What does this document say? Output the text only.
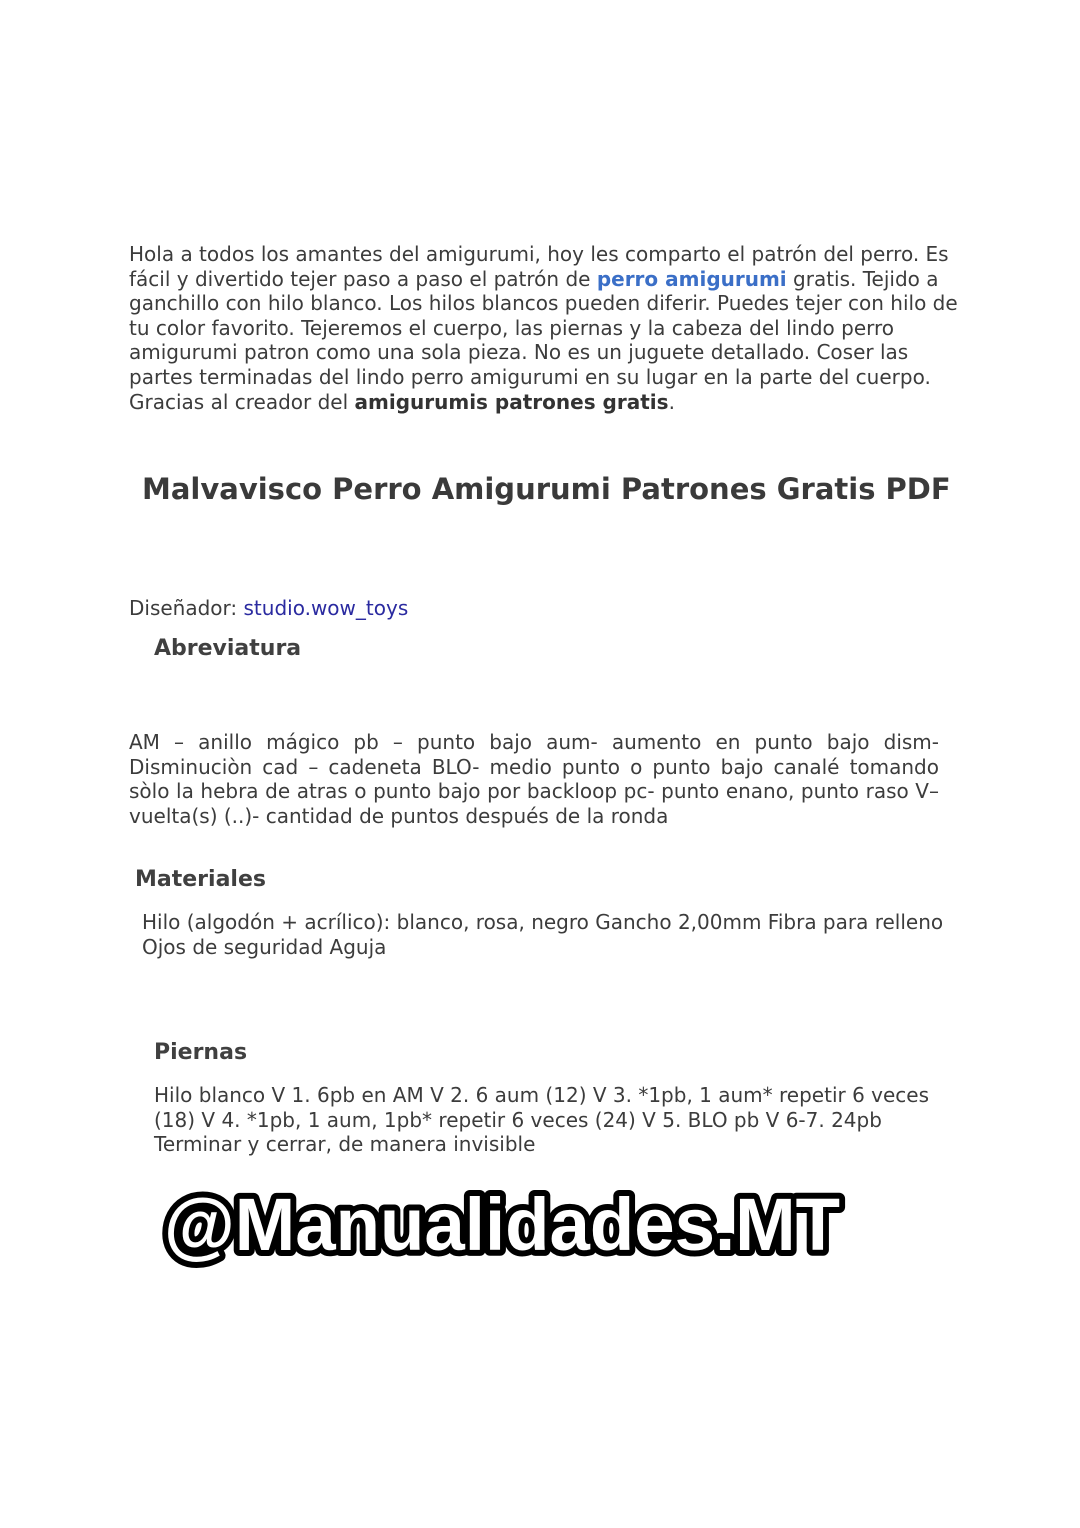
Hola a todos los amantes del amigurumi, hoy les comparto el patrón del perro. Es fácil y divertido tejer paso a paso el patrón de perro amigurumi gratis. Tejido a ganchillo con hilo blanco. Los hilos blancos pueden diferir. Puedes tejer con hilo de tu color favorito. Tejeremos el cuerpo, las piernas y la cabeza del lindo perro amigurumi patron como una sola pieza. No es un juguete detallado. Coser las partes terminadas del lindo perro amigurumi en su lugar en la parte del cuerpo. Gracias al creador del amigurumis patrones gratis.

Malvavisco Perro Amigurumi Patrones Gratis PDF

Diseñador: studio.wow_toys

Abreviatura

AM – anillo mágico pb – punto bajo aum- aumento en punto bajo dism- Disminuciòn cad – cadeneta BLO- medio punto o punto bajo canalé tomando sòlo la hebra de atras o punto bajo por backloop pc- punto enano, punto raso V– vuelta(s) (..)- cantidad de puntos después de la ronda

Materiales

Hilo (algodón + acrílico): blanco, rosa, negro Gancho 2,00mm Fibra para relleno Ojos de seguridad Aguja

Piernas

Hilo blanco V 1. 6pb en AM V 2. 6 aum (12) V 3. *1pb, 1 aum* repetir 6 veces (18) V 4. *1pb, 1 aum, 1pb* repetir 6 veces (24) V 5. BLO pb V 6-7. 24pb Terminar y cerrar, de manera invisible

@Manualidades.MT
